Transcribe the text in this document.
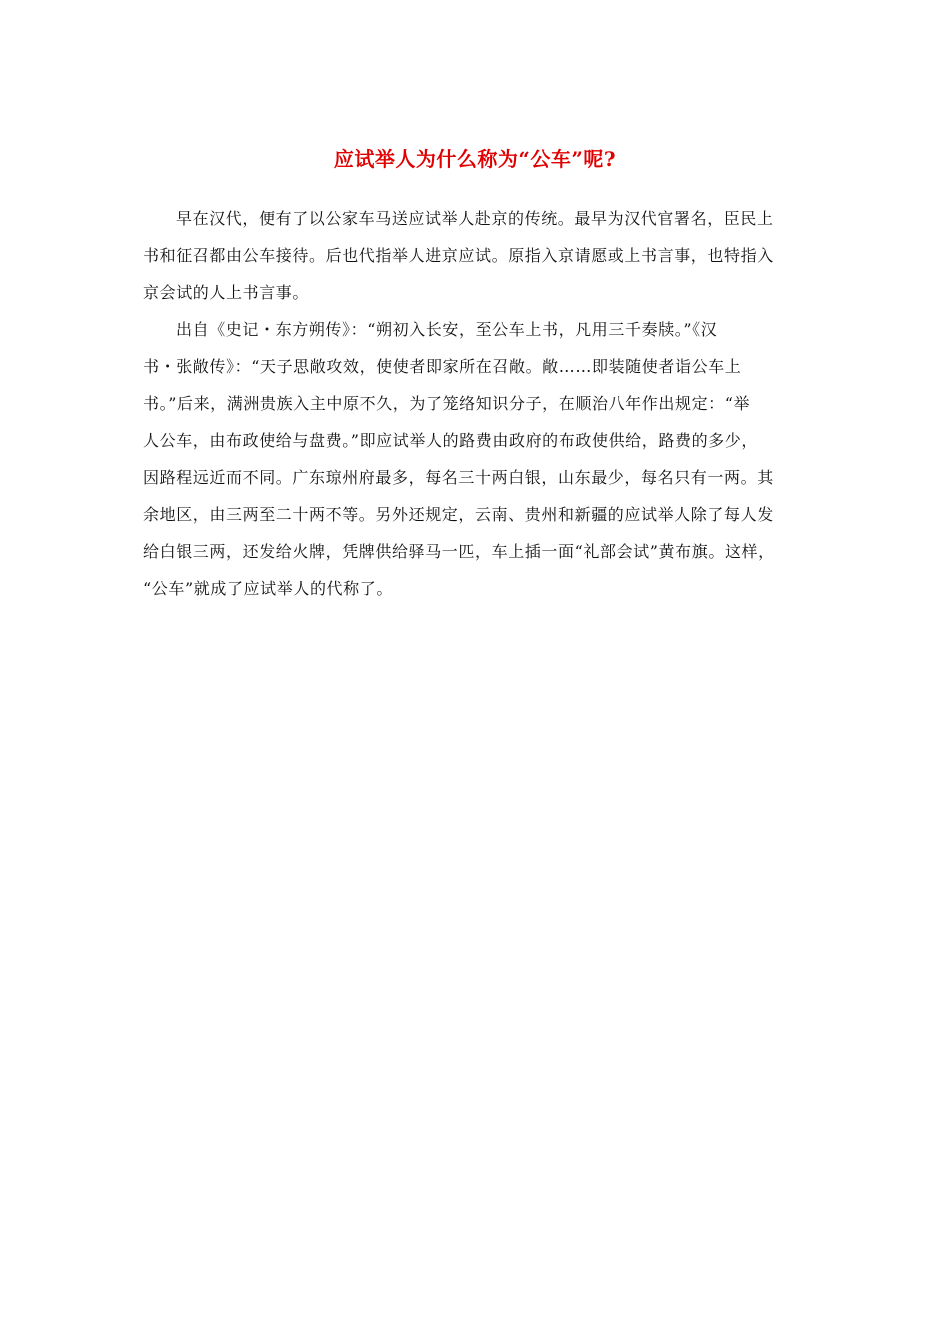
应试举人为什么称为“公车”呢?

早在汉代，便有了以公家车马送应试举人赴京的传统。最早为汉代官署名，臣民上
书和征召都由公车接待。后也代指举人进京应试。原指入京请愿或上书言事，也特指入
京会试的人上书言事。

出自《史记・东方朔传》：“朔初入长安，至公车上书，凡用三千奏牍。”《汉
书・张敞传》：“天子思敞攻效，使使者即家所在召敞。敞……即装随使者诣公车上
书。”后来，满洲贵族入主中原不久，为了笼络知识分子，在顺治八年作出规定：“举
人公车，由布政使给与盘费。”即应试举人的路费由政府的布政使供给，路费的多少，
因路程远近而不同。广东琼州府最多，每名三十两白银，山东最少，每名只有一两。其
余地区，由三两至二十两不等。另外还规定，云南、贵州和新疆的应试举人除了每人发
给白银三两，还发给火牌，凭牌供给驿马一匹，车上插一面“礼部会试”黄布旗。这样，
“公车”就成了应试举人的代称了。
